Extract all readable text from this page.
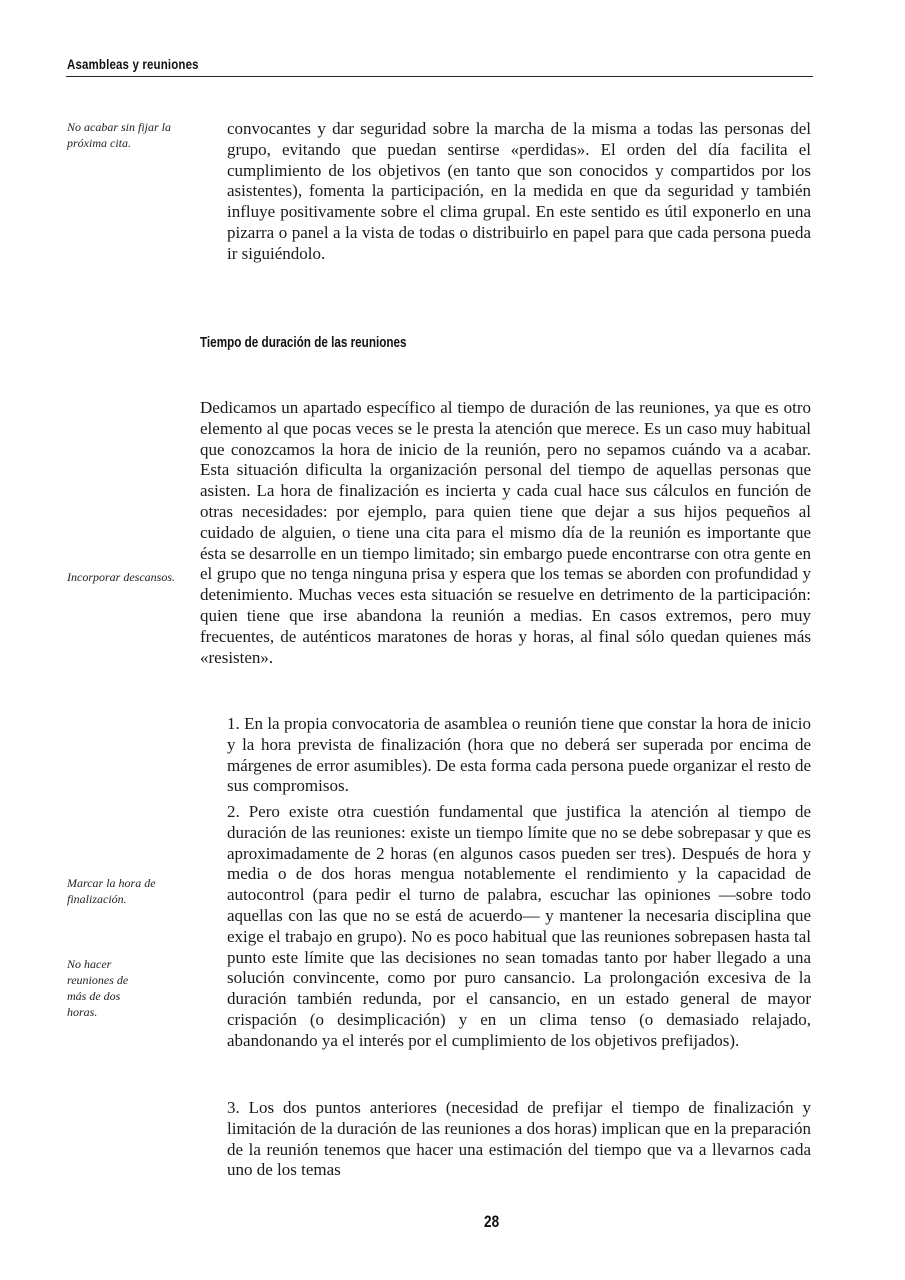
Asambleas y reuniones
No acabar sin fijar la próxima cita.
Incorporar descansos.
Marcar la hora de finalización.
No hacer reuniones de más de dos horas.
convocantes y dar seguridad sobre la marcha de la misma a todas las personas del grupo, evitando que puedan sentirse «perdidas». El orden del día facilita el cumplimiento de los objetivos (en tanto que son conocidos y compartidos por los asistentes), fomenta la participación, en la medida en que da seguridad y también influye positivamente sobre el clima grupal. En este sentido es útil exponerlo en una pizarra o panel a la vista de todas o distribuirlo en papel para que cada persona pueda ir siguiéndolo.
Tiempo de duración de las reuniones
Dedicamos un apartado específico al tiempo de duración de las reuniones, ya que es otro elemento al que pocas veces se le presta la atención que merece. Es un caso muy habitual que conozcamos la hora de inicio de la reunión, pero no sepamos cuándo va a acabar. Esta situación dificulta la organización personal del tiempo de aquellas personas que asisten. La hora de finalización es incierta y cada cual hace sus cálculos en función de otras necesidades: por ejemplo, para quien tiene que dejar a sus hijos pequeños al cuidado de alguien, o tiene una cita para el mismo día de la reunión es importante que ésta se desarrolle en un tiempo limitado; sin embargo puede encontrarse con otra gente en el grupo que no tenga ninguna prisa y espera que los temas se aborden con profundidad y detenimiento. Muchas veces esta situación se resuelve en detrimento de la participación: quien tiene que irse abandona la reunión a medias. En casos extremos, pero muy frecuentes, de auténticos maratones de horas y horas, al final sólo quedan quienes más «resisten».
1. En la propia convocatoria de asamblea o reunión tiene que constar la hora de inicio y la hora prevista de finalización (hora que no deberá ser superada por encima de márgenes de error asumibles). De esta forma cada persona puede organizar el resto de sus compromisos.
2. Pero existe otra cuestión fundamental que justifica la atención al tiempo de duración de las reuniones: existe un tiempo límite que no se debe sobrepasar y que es aproximadamente de 2 horas (en algunos casos pueden ser tres). Después de hora y media o de dos horas mengua notablemente el rendimiento y la capacidad de autocontrol (para pedir el turno de palabra, escuchar las opiniones —sobre todo aquellas con las que no se está de acuerdo— y mantener la necesaria disciplina que exige el trabajo en grupo). No es poco habitual que las reuniones sobrepasen hasta tal punto este límite que las decisiones no sean tomadas tanto por haber llegado a una solución convincente, como por puro cansancio. La prolongación excesiva de la duración también redunda, por el cansancio, en un estado general de mayor crispación (o desimplicación) y en un clima tenso (o demasiado relajado, abandonando ya el interés por el cumplimiento de los objetivos prefijados).
3. Los dos puntos anteriores (necesidad de prefijar el tiempo de finalización y limitación de la duración de las reuniones a dos horas) implican que en la preparación de la reunión tenemos que hacer una estimación del tiempo que va a llevarnos cada uno de los temas
28
